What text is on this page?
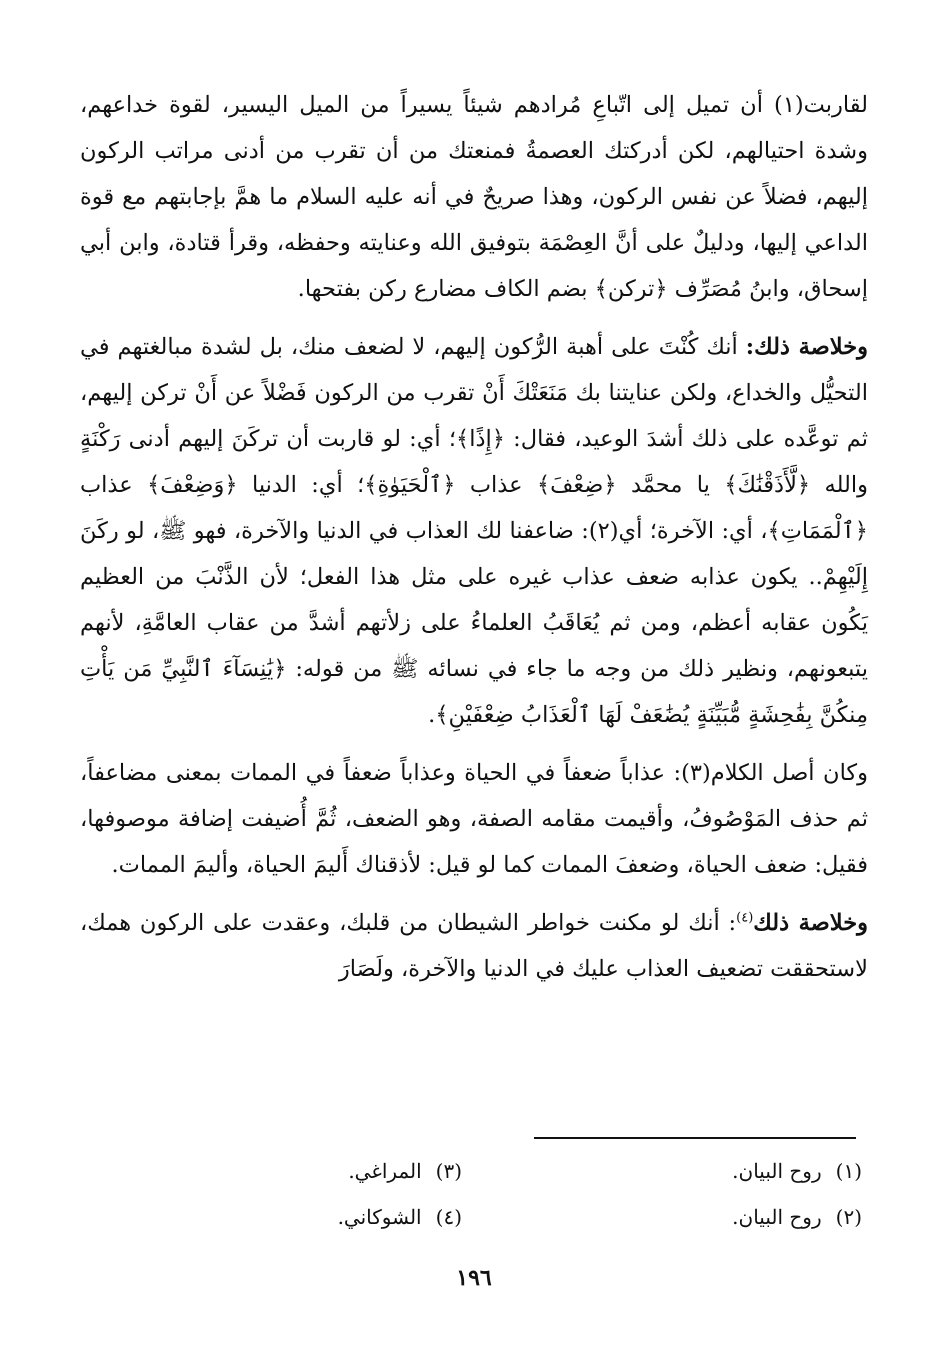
لقاربت(١) أن تميل إلى اتّباعِ مُرادهم شيئاً يسيراً من الميل اليسير، لقوة خداعهم، وشدة احتيالهم، لكن أدركتك العصمةُ فمنعتك من أن تقرب من أدنى مراتب الركون إليهم، فضلاً عن نفس الركون، وهذا صريحٌ في أنه عليه السلام ما همَّ بإجابتهم مع قوة الداعي إليها، ودليلٌ على أنَّ العِصْمَة بتوفيق الله وعنايته وحفظه، وقرأ قتادة، وابن أبي إسحاق، وابنُ مُصَرِّف ﴿تركن﴾ بضم الكاف مضارع ركن بفتحها.

وخلاصة ذلك: أنك كُنْتَ على أهبة الرُّكون إليهم، لا لضعف منك، بل لشدة مبالغتهم في التحيُّل والخداع، ولكن عنايتنا بك مَنَعَتْكَ أَنْ تقرب من الركون فَضْلاً عن أَنْ تركن إليهم، ثم توعَّده على ذلك أشدَ الوعيد، فقال: ﴿إِذًا﴾؛ أي: لو قاربت أن تركَنَ إليهم أدنى رَكْنَةٍ والله ﴿لَّأَذَقْنَٰكَ﴾ يا محمَّد ﴿ضِعْفَ﴾ عذاب ﴿ٱلْحَيَوٰةِ﴾؛ أي: الدنيا ﴿وَضِعْفَ﴾ عذاب ﴿ٱلْمَمَاتِ﴾، أي: الآخرة؛ أي(٢): ضاعفنا لك العذاب في الدنيا والآخرة، فهو ﷺ، لو ركَنَ إِلَيْهِمْ.. يكون عذابه ضعف عذاب غيره على مثل هذا الفعل؛ لأن الذَّنْبَ من العظيم يَكُون عقابه أعظم، ومن ثم يُعَاقَبُ العلماءُ على زلأتهم أشدَّ من عقاب العامَّةِ، لأنهم يتبعونهم، ونظير ذلك من وجه ما جاء في نسائه ﷺ من قوله: ﴿يَٰنِسَآءَ ٱلنَّبِيِّ مَن يَأْتِ مِنكُنَّ بِفَٰحِشَةٍ مُّبَيِّنَةٍ يُضَٰعَفْ لَهَا ٱلْعَذَابُ ضِعْفَيْنِ﴾.

وكان أصل الكلام(٣): عذاباً ضعفاً في الحياة وعذاباً ضعفاً في الممات بمعنى مضاعفاً، ثم حذف المَوْصُوفُ، وأقيمت مقامه الصفة، وهو الضعف، ثُمَّ أُضيفت إضافة موصوفها، فقيل: ضعف الحياة، وضعفَ الممات كما لو قيل: لأذقناك أَليمَ الحياة، وأليمَ الممات.

وخلاصة ذلك$^{(٤)}$: أنك لو مكنت خواطر الشيطان من قلبك، وعقدت على الركون همك، لاستحققت تضعيف العذاب عليك في الدنيا والآخرة، ولَصَارَ

(١)روح البيان.
(٣)المراغي.
(٢)روح البيان.
(٤)الشوكاني.
١٩٦
